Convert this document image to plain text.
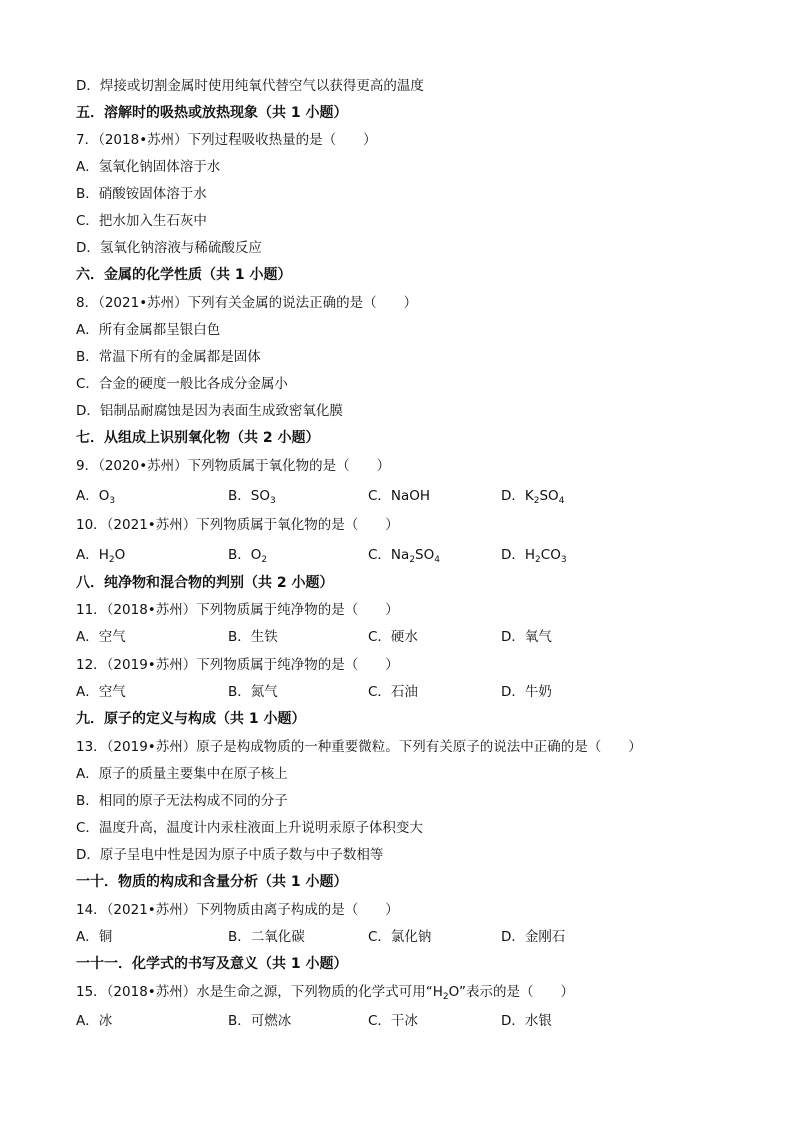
D．焊接或切割金属时使用纯氧代替空气以获得更高的温度
五．溶解时的吸热或放热现象（共 1 小题）
7．（2018•苏州）下列过程吸收热量的是（　　）
A．氢氧化钠固体溶于水
B．硝酸铵固体溶于水
C．把水加入生石灰中
D．氢氧化钠溶液与稀硫酸反应
六．金属的化学性质（共 1 小题）
8．（2021•苏州）下列有关金属的说法正确的是（　　）
A．所有金属都呈银白色
B．常温下所有的金属都是固体
C．合金的硬度一般比各成分金属小
D．铝制品耐腐蚀是因为表面生成致密氧化膜
七．从组成上识别氧化物（共 2 小题）
9．（2020•苏州）下列物质属于氧化物的是（　　）
A．$O_3$	B．$SO_3$	C．NaOH	D．$K_2SO_4$
10．（2021•苏州）下列物质属于氧化物的是（　　）
A．$H_2O$	B．$O_2$	C．$Na_2SO_4$	D．$H_2CO_3$
八．纯净物和混合物的判别（共 2 小题）
11．（2018•苏州）下列物质属于纯净物的是（　　）
A．空气	B．生铁	C．硬水	D．氧气
12．（2019•苏州）下列物质属于纯净物的是（　　）
A．空气	B．氮气	C．石油	D．牛奶
九．原子的定义与构成（共 1 小题）
13．（2019•苏州）原子是构成物质的一种重要微粒。下列有关原子的说法中正确的是（　　）
A．原子的质量主要集中在原子核上
B．相同的原子无法构成不同的分子
C．温度升高，温度计内汞柱液面上升说明汞原子体积变大
D．原子呈电中性是因为原子中质子数与中子数相等
一十．物质的构成和含量分析（共 1 小题）
14．（2021•苏州）下列物质由离子构成的是（　　）
A．铜	B．二氧化碳	C．氯化钠	D．金刚石
一十一．化学式的书写及意义（共 1 小题）
15．（2018•苏州）水是生命之源，下列物质的化学式可用“$H_2O$”表示的是（　　）
A．冰	B．可燃冰	C．干冰	D．水银
